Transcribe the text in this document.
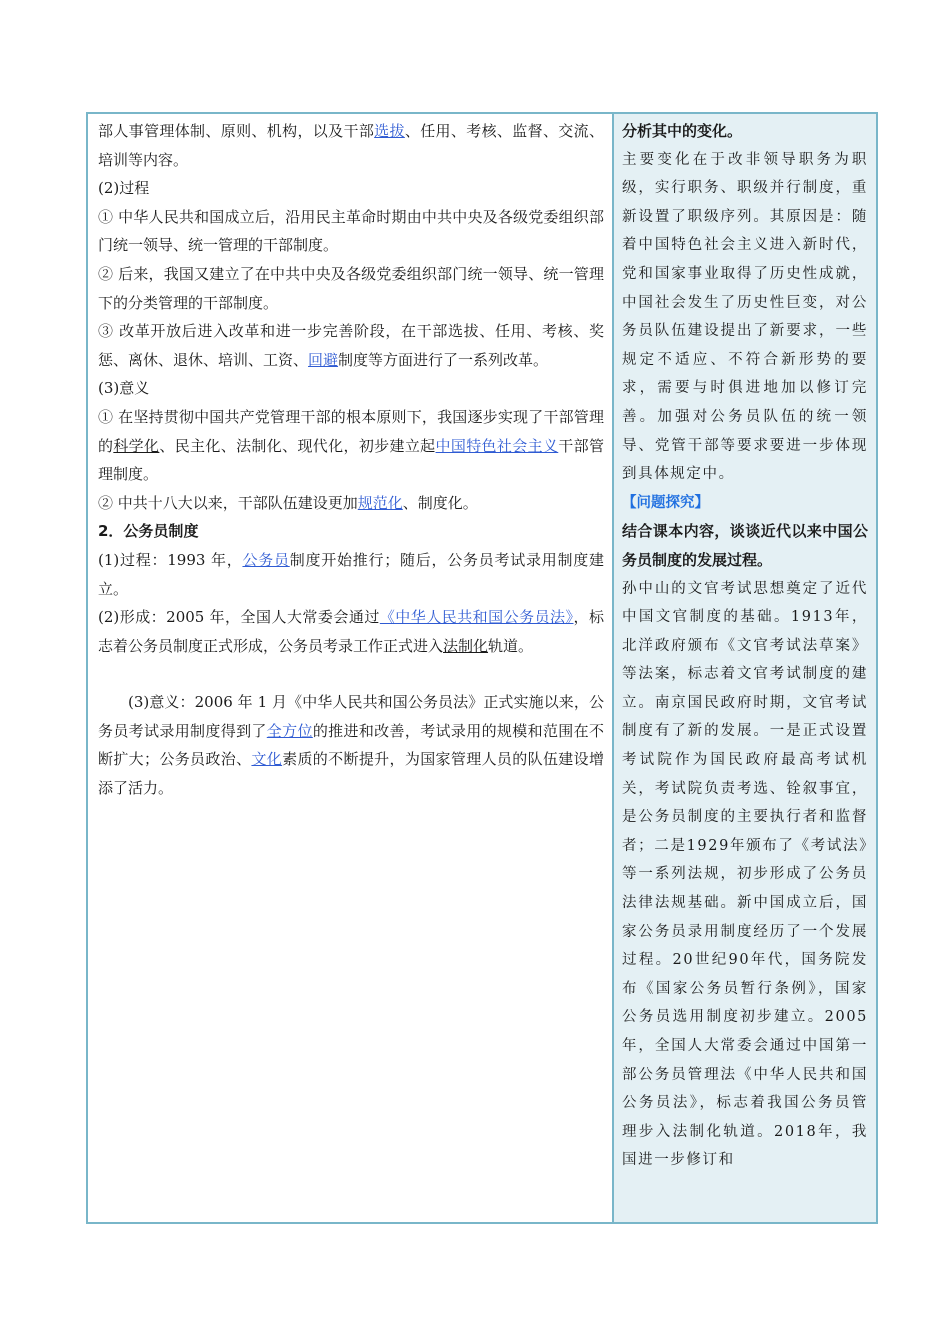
部人事管理体制、原则、机构，以及干部选拔、任用、考核、监督、交流、培训等内容。

(2)过程

① 中华人民共和国成立后，沿用民主革命时期由中共中央及各级党委组织部门统一领导、统一管理的干部制度。

② 后来，我国又建立了在中共中央及各级党委组织部门统一领导、统一管理下的分类管理的干部制度。

③ 改革开放后进入改革和进一步完善阶段，在干部选拔、任用、考核、奖惩、离休、退休、培训、工资、回避制度等方面进行了一系列改革。

(3)意义

① 在坚持贯彻中国共产党管理干部的根本原则下，我国逐步实现了干部管理的科学化、民主化、法制化、现代化，初步建立起中国特色社会主义干部管理制度。

② 中共十八大以来，干部队伍建设更加规范化、制度化。

2．公务员制度

(1)过程：1993 年，公务员制度开始推行；随后，公务员考试录用制度建立。

(2)形成：2005 年，全国人大常委会通过《中华人民共和国公务员法》，标志着公务员制度正式形成，公务员考录工作正式进入法制化轨道。

(3)意义：2006 年 1 月《中华人民共和国公务员法》正式实施以来，公务员考试录用制度得到了全方位的推进和改善，考试录用的规模和范围在不断扩大；公务员政治、文化素质的不断提升，为国家管理人员的队伍建设增添了活力。

分析其中的变化。

主要变化在于改非领导职务为职级，实行职务、职级并行制度，重新设置了职级序列。其原因是：随着中国特色社会主义进入新时代，党和国家事业取得了历史性成就，中国社会发生了历史性巨变，对公务员队伍建设提出了新要求，一些规定不适应、不符合新形势的要求，需要与时俱进地加以修订完善。加强对公务员队伍的统一领导、党管干部等要求要进一步体现到具体规定中。

【问题探究】

结合课本内容，谈谈近代以来中国公务员制度的发展过程。

孙中山的文官考试思想奠定了近代中国文官制度的基础。1913年，北洋政府颁布《文官考试法草案》等法案，标志着文官考试制度的建立。南京国民政府时期，文官考试制度有了新的发展。一是正式设置考试院作为国民政府最高考试机关，考试院负责考选、铨叙事宜，是公务员制度的主要执行者和监督者；二是1929年颁布了《考试法》等一系列法规，初步形成了公务员法律法规基础。新中国成立后，国家公务员录用制度经历了一个发展过程。20世纪90年代，国务院发布《国家公务员暂行条例》，国家公务员选用制度初步建立。2005年，全国人大常委会通过中国第一部公务员管理法《中华人民共和国公务员法》，标志着我国公务员管理步入法制化轨道。2018年，我国进一步修订和
